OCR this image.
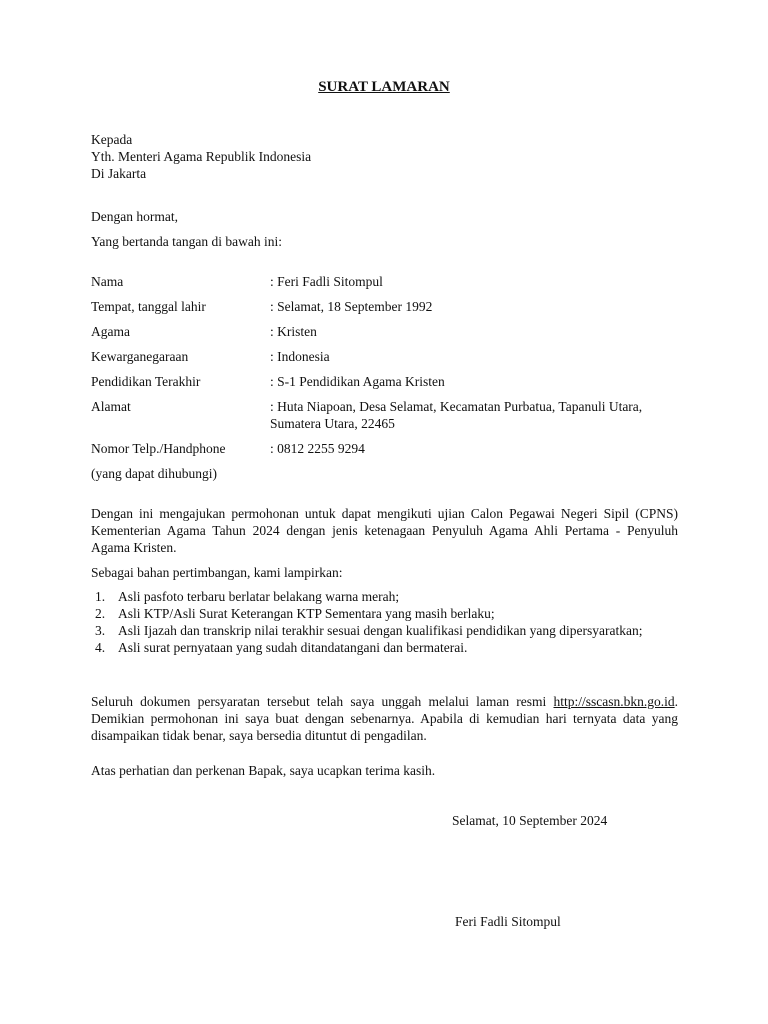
SURAT LAMARAN
Kepada
Yth. Menteri Agama Republik Indonesia
Di Jakarta
Dengan hormat,
Yang bertanda tangan di bawah ini:
Nama	: Feri Fadli Sitompul
Tempat, tanggal lahir	: Selamat, 18 September 1992
Agama	: Kristen
Kewarganegaraan	: Indonesia
Pendidikan Terakhir	: S-1 Pendidikan Agama Kristen
Alamat	: Huta Niapoan, Desa Selamat, Kecamatan Purbatua, Tapanuli Utara, Sumatera Utara, 22465
Nomor Telp./Handphone	: 0812 2255 9294
(yang dapat dihubungi)
Dengan ini mengajukan permohonan untuk dapat mengikuti ujian Calon Pegawai Negeri Sipil (CPNS) Kementerian Agama Tahun 2024 dengan jenis ketenagaan Penyuluh Agama Ahli Pertama - Penyuluh Agama Kristen.
Sebagai bahan pertimbangan, kami lampirkan:
1. Asli pasfoto terbaru berlatar belakang warna merah;
2. Asli KTP/Asli Surat Keterangan KTP Sementara yang masih berlaku;
3. Asli Ijazah dan transkrip nilai terakhir sesuai dengan kualifikasi pendidikan yang dipersyaratkan;
4. Asli surat pernyataan yang sudah ditandatangani dan bermaterai.
Seluruh dokumen persyaratan tersebut telah saya unggah melalui laman resmi http://sscasn.bkn.go.id. Demikian permohonan ini saya buat dengan sebenarnya. Apabila di kemudian hari ternyata data yang disampaikan tidak benar, saya bersedia dituntut di pengadilan.
Atas perhatian dan perkenan Bapak, saya ucapkan terima kasih.
Selamat, 10 September 2024
Feri Fadli Sitompul
